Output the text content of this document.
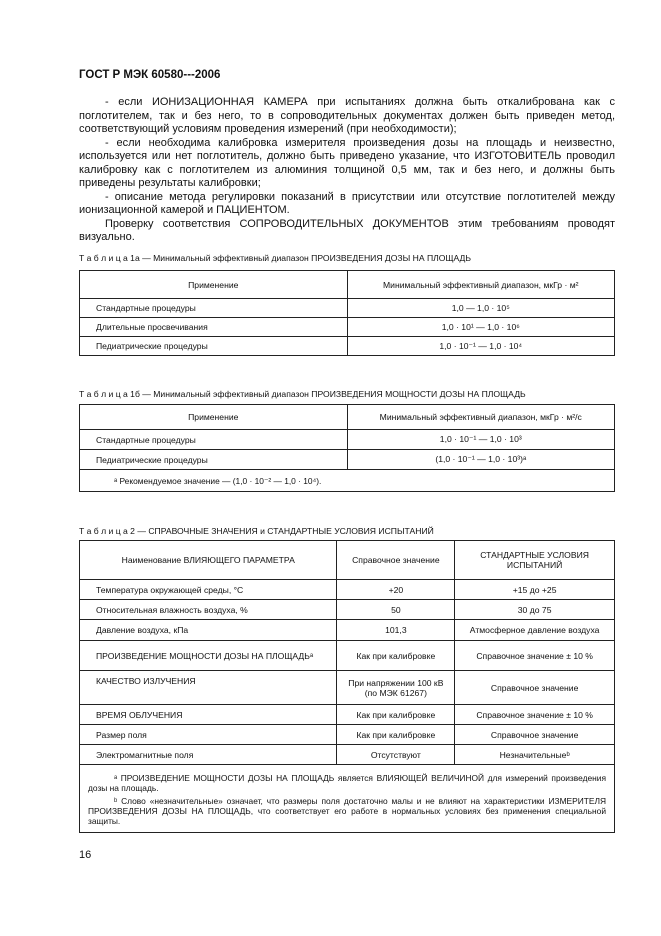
ГОСТ Р МЭК 60580---2006

- если ИОНИЗАЦИОННАЯ КАМЕРА при испытаниях должна быть откалибрована как с поглотителем, так и без него, то в сопроводительных документах должен быть приведен метод, соответствующий условиям проведения измерений (при необходимости);

- если необходима калибровка измерителя произведения дозы на площадь и неизвестно, используется или нет поглотитель, должно быть приведено указание, что ИЗГОТОВИТЕЛЬ проводил калибровку как с поглотителем из алюминия толщиной 0,5 мм, так и без него, и должны быть приведены результаты калибровки;

- описание метода регулировки показаний в присутствии или отсутствие поглотителей между ионизационной камерой и ПАЦИЕНТОМ.

Проверку соответствия СОПРОВОДИТЕЛЬНЫХ ДОКУМЕНТОВ этим требованиям проводят визуально.

Т а б л и ц а 1а — Минимальный эффективный диапазон ПРОИЗВЕДЕНИЯ ДОЗЫ НА ПЛОЩАДЬ
Применение	Минимальный эффективный диапазон, мкГр · м²
Стандартные процедуры	1,0 — 1,0 · 10⁵
Длительные просвечивания	1,0 · 10¹ — 1,0 · 10⁶
Педиатрические процедуры	1,0 · 10⁻¹ — 1,0 · 10⁴
Т а б л и ц а 1б — Минимальный эффективный диапазон ПРОИЗВЕДЕНИЯ МОЩНОСТИ ДОЗЫ НА ПЛОЩАДЬ
Применение	Минимальный эффективный диапазон, мкГр · м²/с
Стандартные процедуры	1,0 · 10⁻¹ — 1,0 · 10³
Педиатрические процедуры	(1,0 · 10⁻¹ — 1,0 · 10³)ᵃ
ᵃ Рекомендуемое значение — (1,0 · 10⁻² — 1,0 · 10⁴).	
Т а б л и ц а 2 — СПРАВОЧНЫЕ ЗНАЧЕНИЯ и СТАНДАРТНЫЕ УСЛОВИЯ ИСПЫТАНИЙ
Наименование ВЛИЯЮЩЕГО ПАРАМЕТРА	Справочное значение	СТАНДАРТНЫЕ УСЛОВИЯ ИСПЫТАНИЙ
Температура окружающей среды, °С	+20	+15 до +25
Относительная влажность воздуха, %	50	30 до 75
Давление воздуха, кПа	101,3	Атмосферное давление воздуха
ПРОИЗВЕДЕНИЕ МОЩНОСТИ ДОЗЫ НА ПЛОЩАДЬᵃ	Как при калибровке	Справочное значение ± 10 %
КАЧЕСТВО ИЗЛУЧЕНИЯ	При напряжении 100 кВ (по МЭК 61267)	Справочное значение
ВРЕМЯ ОБЛУЧЕНИЯ	Как при калибровке	Справочное значение ± 10 %
Размер поля	Как при калибровке	Справочное значение
Электромагнитные поля	Отсутствуют	Незначительныеᵇ

ᵃ ПРОИЗВЕДЕНИЕ МОЩНОСТИ ДОЗЫ НА ПЛОЩАДЬ является ВЛИЯЮЩЕЙ ВЕЛИЧИНОЙ для измерений произведения дозы на площадь.
ᵇ Слово «незначительные» означает, что размеры поля достаточно малы и не влияют на характеристики ИЗМЕРИТЕЛЯ ПРОИЗВЕДЕНИЯ ДОЗЫ НА ПЛОЩАДЬ, что соответствует его работе в нормальных условиях без применения специальной защиты.		
16
